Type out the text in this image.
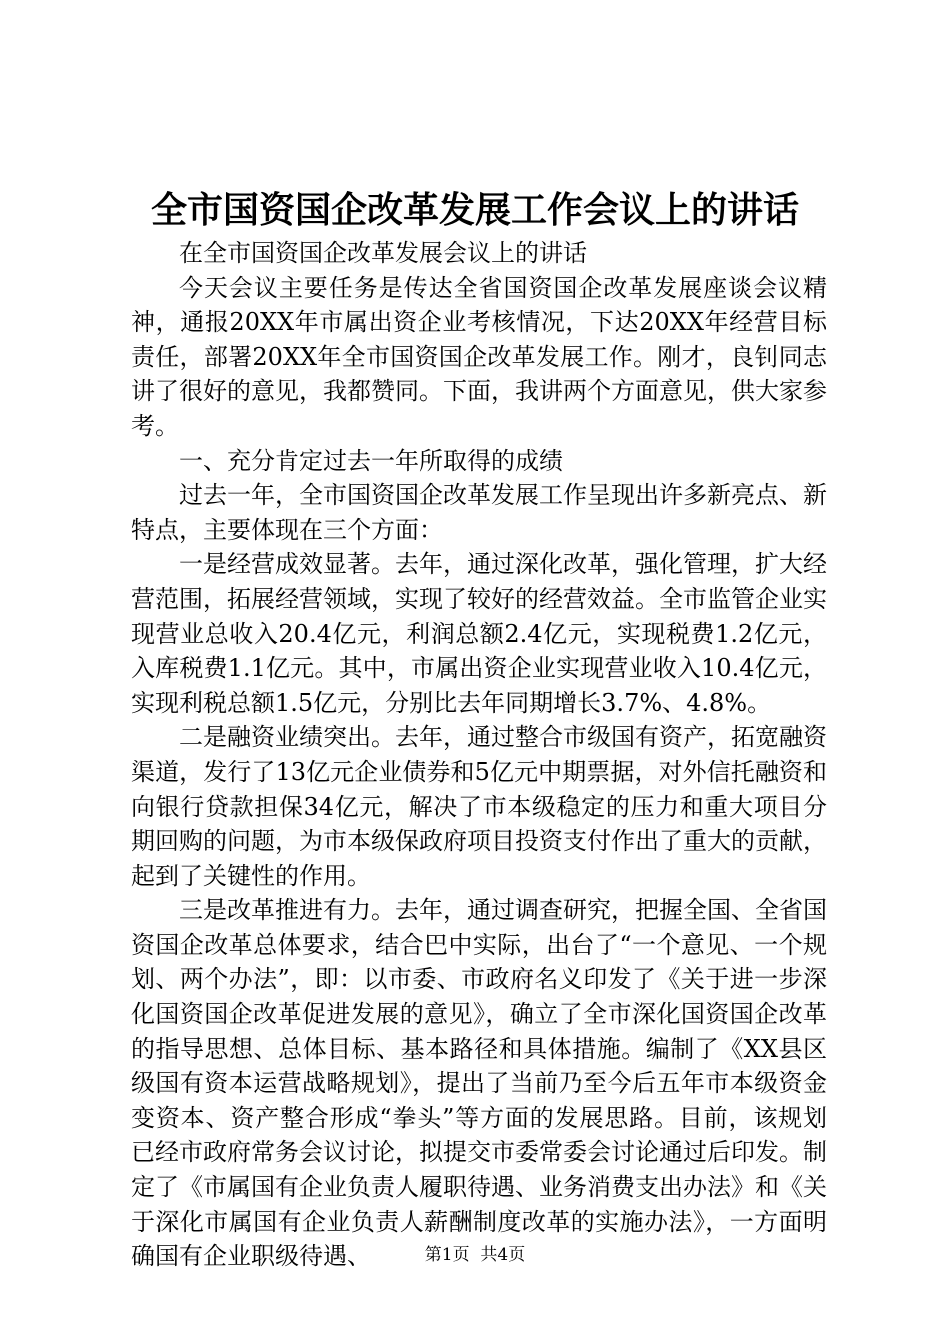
全市国资国企改革发展工作会议上的讲话

在全市国资国企改革发展会议上的讲话

今天会议主要任务是传达全省国资国企改革发展座谈会议精神，通报20XX年市属出资企业考核情况，下达20XX年经营目标责任，部署20XX年全市国资国企改革发展工作。刚才，良钊同志讲了很好的意见，我都赞同。下面，我讲两个方面意见，供大家参考。

一、充分肯定过去一年所取得的成绩

过去一年，全市国资国企改革发展工作呈现出许多新亮点、新特点，主要体现在三个方面：

一是经营成效显著。去年，通过深化改革，强化管理，扩大经营范围，拓展经营领域，实现了较好的经营效益。全市监管企业实现营业总收入20.4亿元，利润总额2.4亿元，实现税费1.2亿元，入库税费1.1亿元。其中，市属出资企业实现营业收入10.4亿元，实现利税总额1.5亿元，分别比去年同期增长3.7%、4.8%。

二是融资业绩突出。去年，通过整合市级国有资产，拓宽融资渠道，发行了13亿元企业债券和5亿元中期票据，对外信托融资和向银行贷款担保34亿元，解决了市本级稳定的压力和重大项目分期回购的问题，为市本级保政府项目投资支付作出了重大的贡献，起到了关键性的作用。

三是改革推进有力。去年，通过调查研究，把握全国、全省国资国企改革总体要求，结合巴中实际，出台了“一个意见、一个规划、两个办法”，即：以市委、市政府名义印发了《关于进一步深化国资国企改革促进发展的意见》，确立了全市深化国资国企改革的指导思想、总体目标、基本路径和具体措施。编制了《XX县区级国有资本运营战略规划》，提出了当前乃至今后五年市本级资金变资本、资产整合形成“拳头”等方面的发展思路。目前，该规划已经市政府常务会议讨论，拟提交市委常委会讨论通过后印发。制定了《市属国有企业负责人履职待遇、业务消费支出办法》和《关于深化市属国有企业负责人薪酬制度改革的实施办法》，一方面明确国有企业职级待遇、	第1页 共4页
